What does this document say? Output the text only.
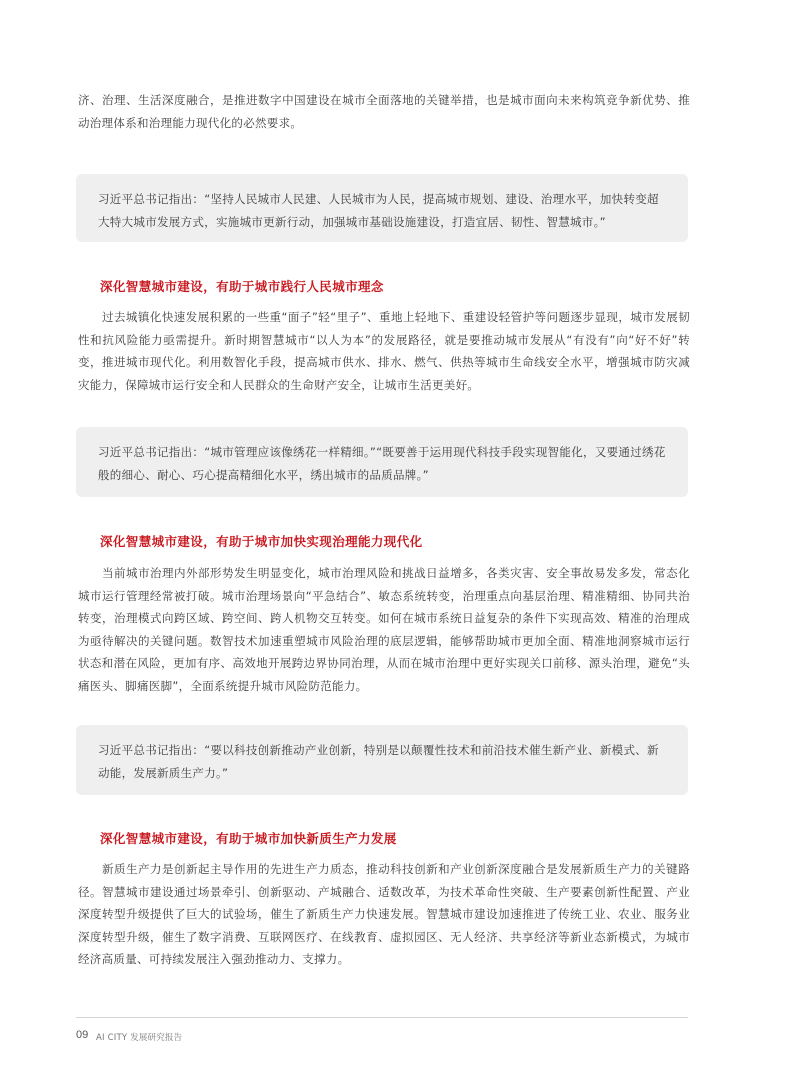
济、治理、生活深度融合，是推进数字中国建设在城市全面落地的关键举措，也是城市面向未来构筑竞争新优势、推动治理体系和治理能力现代化的必然要求。

习近平总书记指出：“坚持人民城市人民建、人民城市为人民，提高城市规划、建设、治理水平，加快转变超大特大城市发展方式，实施城市更新行动，加强城市基础设施建设，打造宜居、韧性、智慧城市。”
深化智慧城市建设，有助于城市践行人民城市理念

过去城镇化快速发展积累的一些重“面子”轻“里子”、重地上轻地下、重建设轻管护等问题逐步显现，城市发展韧性和抗风险能力亟需提升。新时期智慧城市“以人为本”的发展路径，就是要推动城市发展从“有没有”向“好不好”转变，推进城市现代化。利用数智化手段，提高城市供水、排水、燃气、供热等城市生命线安全水平，增强城市防灾减灾能力，保障城市运行安全和人民群众的生命财产安全，让城市生活更美好。

习近平总书记指出：“城市管理应该像绣花一样精细。”“既要善于运用现代科技手段实现智能化，又要通过绣花般的细心、耐心、巧心提高精细化水平，绣出城市的品质品牌。”
深化智慧城市建设，有助于城市加快实现治理能力现代化

当前城市治理内外部形势发生明显变化，城市治理风险和挑战日益增多，各类灾害、安全事故易发多发，常态化城市运行管理经常被打破。城市治理场景向“平急结合”、敏态系统转变，治理重点向基层治理、精准精细、协同共治转变，治理模式向跨区域、跨空间、跨人机物交互转变。如何在城市系统日益复杂的条件下实现高效、精准的治理成为亟待解决的关键问题。数智技术加速重塑城市风险治理的底层逻辑，能够帮助城市更加全面、精准地洞察城市运行状态和潜在风险，更加有序、高效地开展跨边界协同治理，从而在城市治理中更好实现关口前移、源头治理，避免“头痛医头、脚痛医脚”，全面系统提升城市风险防范能力。

习近平总书记指出：“要以科技创新推动产业创新，特别是以颠覆性技术和前沿技术催生新产业、新模式、新动能，发展新质生产力。”
深化智慧城市建设，有助于城市加快新质生产力发展

新质生产力是创新起主导作用的先进生产力质态，推动科技创新和产业创新深度融合是发展新质生产力的关键路径。智慧城市建设通过场景牵引、创新驱动、产城融合、适数改革，为技术革命性突破、生产要素创新性配置、产业深度转型升级提供了巨大的试验场，催生了新质生产力快速发展。智慧城市建设加速推进了传统工业、农业、服务业深度转型升级，催生了数字消费、互联网医疗、在线教育、虚拟园区、无人经济、共享经济等新业态新模式，为城市经济高质量、可持续发展注入强劲推动力、支撑力。

09 AI CITY 发展研究报告
